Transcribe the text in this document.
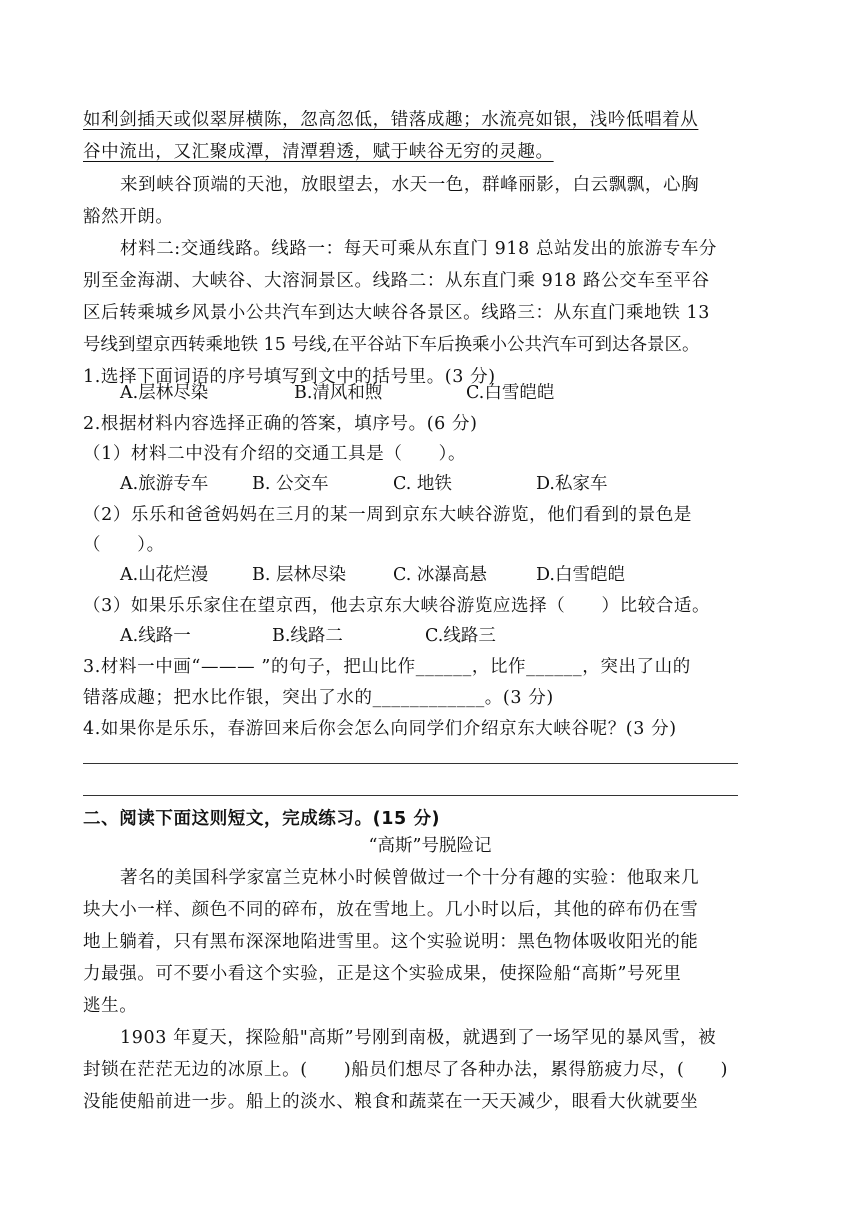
如利剑插天或似翠屏横陈，忽高忽低，错落成趣；水流亮如银，浅吟低唱着从
谷中流出，又汇聚成潭，清潭碧透，赋于峡谷无穷的灵趣。
来到峡谷顶端的天池，放眼望去，水天一色，群峰丽影，白云飘飘，心胸
豁然开朗。
材料二:交通线路。线路一：每天可乘从东直门 918 总站发出的旅游专车分
别至金海湖、大峡谷、大溶洞景区。线路二：从东直门乘 918 路公交车至平谷
区后转乘城乡风景小公共汽车到达大峡谷各景区。线路三：从东直门乘地铁 13
号线到望京西转乘地铁 15 号线,在平谷站下车后换乘小公共汽车可到达各景区。
1.选择下面词语的序号填写到文中的括号里。(3 分)
A.层林尽染	B.清风和煦	C.白雪皑皑
2.根据材料内容选择正确的答案，填序号。(6 分)
（1）材料二中没有介绍的交通工具是（　　）。
A.旅游专车	B. 公交车	C. 地铁	D.私家车
（2）乐乐和爸爸妈妈在三月的某一周到京东大峡谷游览，他们看到的景色是
（　　）。
A.山花烂漫	B. 层林尽染	C. 冰瀑高悬	D.白雪皑皑
（3）如果乐乐家住在望京西，他去京东大峡谷游览应选择（　　）比较合适。
A.线路一	B.线路二	C.线路三
3.材料一中画“——— ”的句子，把山比作______，比作______，突出了山的
错落成趣；把水比作银，突出了水的____________。(3 分)
4.如果你是乐乐，春游回来后你会怎么向同学们介绍京东大峡谷呢？(3 分)
二、阅读下面这则短文，完成练习。(15 分)
“高斯”号脱险记
著名的美国科学家富兰克林小时候曾做过一个十分有趣的实验：他取来几
块大小一样、颜色不同的碎布，放在雪地上。几小时以后，其他的碎布仍在雪
地上躺着，只有黑布深深地陷进雪里。这个实验说明：黑色物体吸收阳光的能
力最强。可不要小看这个实验，正是这个实验成果，使探险船“高斯”号死里
逃生。
1903 年夏天，探险船"高斯”号刚到南极，就遇到了一场罕见的暴风雪，被
封锁在茫茫无边的冰原上。(　　)船员们想尽了各种办法，累得筋疲力尽，(　　)
没能使船前进一步。船上的淡水、粮食和蔬菜在一天天减少，眼看大伙就要坐
